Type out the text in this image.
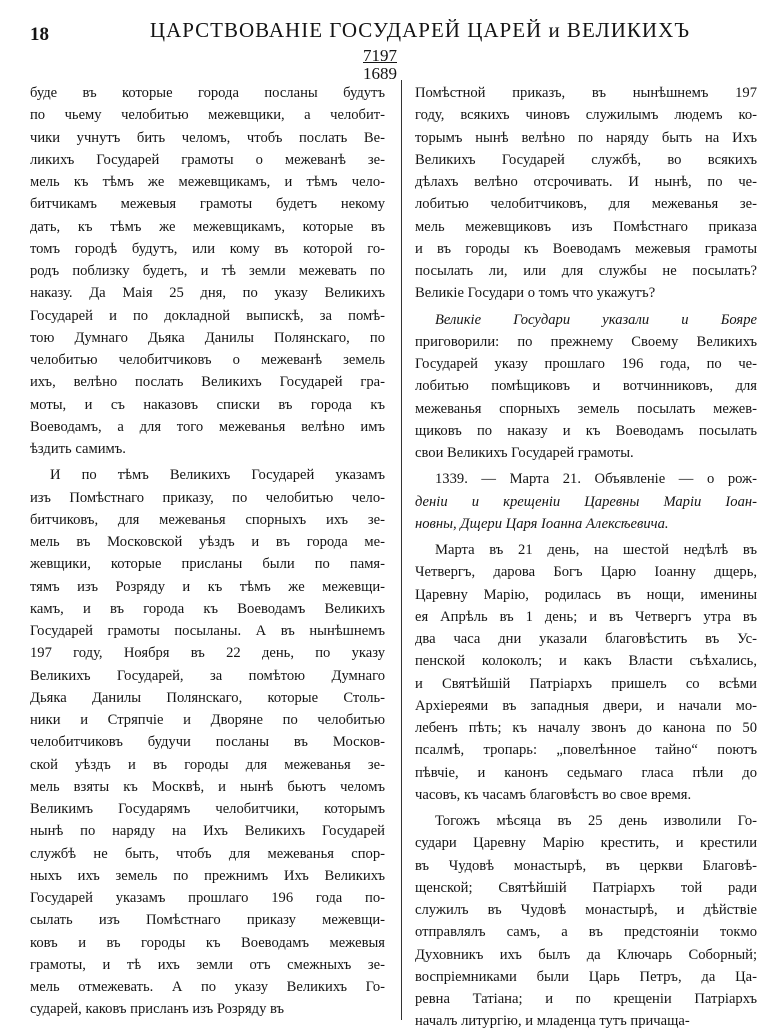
18	ЦАРСТВОВАНІЕ ГОСУДАРЕЙ ЦАРЕЙ и ВЕЛИКИХЪ
7197
1689
буде въ которые города посланы будутъ
по чьему челобитью межевщики, а челобит-
чики учнутъ бить челомъ, чтобъ послать Ве-
ликихъ Государей грамоты о межеванѣ зе-
мель къ тѣмъ же межевщикамъ, и тѣмъ чело-
битчикамъ межевыя грамоты будетъ некому
дать, къ тѣмъ же межевщикамъ, которые въ
томъ городѣ будутъ, или кому въ которой го-
родъ поблизку будетъ, и тѣ земли межевать по
наказу. Да Маія 25 дня, по указу Великихъ
Государей и по докладной выпискѣ, за помѣ-
тою Думнаго Дьяка Данилы Полянскаго, по
челобитью челобитчиковъ о межеванѣ земель
ихъ, велѣно послать Великихъ Государей гра-
моты, и съ наказовъ списки въ города къ
Воеводамъ, а для того межеванья велѣно имъ
ѣздить самимъ.
И по тѣмъ Великихъ Государей указамъ
изъ Помѣстнаго приказу, по челобитью чело-
битчиковъ, для межеванья спорныхъ ихъ зе-
мель въ Московской уѣздъ и въ города ме-
жевщики, которые присланы были по памя-
тямъ изъ Розряду и къ тѣмъ же межевщи-
камъ, и въ города къ Воеводамъ Великихъ
Государей грамоты посыланы. А въ нынѣшнемъ
197 году, Ноября въ 22 день, по указу
Великихъ Государей, за помѣтою Думнаго
Дьяка Данилы Полянскаго, которые Столь-
ники и Стряпчіе и Дворяне по челобитью
челобитчиковъ будучи посланы въ Москов-
ской уѣздъ и въ городы для межеванья зе-
мель взяты къ Москвѣ, и нынѣ бьютъ челомъ
Великимъ Государямъ челобитчики, которымъ
нынѣ по наряду на Ихъ Великихъ Государей
службѣ не быть, чтобъ для межеванья спор-
ныхъ ихъ земель по прежнимъ Ихъ Великихъ
Государей указамъ прошлаго 196 года по-
сылать изъ Помѣстнаго приказу межевщи-
ковъ и въ городы къ Воеводамъ межевыя
грамоты, и тѣ ихъ земли отъ смежныхъ зе-
мель отмежевать. А по указу Великихъ Го-
сударей, каковъ присланъ изъ Розряду въ
Помѣстной приказъ, въ нынѣшнемъ 197
году, всякихъ чиновъ служилымъ людемъ ко-
торымъ нынѣ велѣно по наряду быть на Ихъ
Великихъ Государей службѣ, во всякихъ
дѣлахъ велѣно отсрочивать. И нынѣ, по че-
лобитью челобитчиковъ, для межеванья зе-
мель межевщиковъ изъ Помѣстнаго приказа
и въ городы къ Воеводамъ межевыя грамоты
посылать ли, или для службы не посылать?
Великіе Государи о томъ что укажутъ?
Великіе Государи указали и Бояре
приговорили: по прежнему Своему Великихъ
Государей указу прошлаго 196 года, по че-
лобитью помѣщиковъ и вотчинниковъ, для
межеванья спорныхъ земель посылать межев-
щиковъ по наказу и къ Воеводамъ посылать
свои Великихъ Государей грамоты.
1339. — Марта 21. Объявленіе — о рож-
деніи и крещеніи Царевны Маріи Іоан-
новны, Дщери Царя Іоанна Алексѣевича.
Марта въ 21 день, на шестой недѣлѣ въ
Четвергъ, дарова Богъ Царю Іоанну дщерь,
Царевну Марію, родилась въ нощи, именины
ея Апрѣль въ 1 день; и въ Четвергъ утра въ
два часа дни указали благовѣстить въ Ус-
пенской колоколъ; и какъ Власти съѣхались,
и Святѣйшій Патріархъ пришелъ со всѣми
Архіереями въ западныя двери, и начали мо-
лебенъ пѣть; къ началу звонъ до канона по 50
псалмѣ, тропарь: „повелѣнное тайно“ поютъ
пѣвчіе, и канонъ седьмаго гласа пѣли до
часовъ, къ часамъ благовѣстъ во свое время.
Тогожъ мѣсяца въ 25 день изволили Го-
судари Царевну Марію крестить, и крестили
въ Чудовѣ монастырѣ, въ церкви Благовѣ-
щенской; Святѣйшій Патріархъ той ради
служилъ въ Чудовѣ монастырѣ, и дѣйствіе
отправлялъ самъ, а въ предстояніи токмо
Духовникъ ихъ былъ да Ключарь Соборный;
воспріемниками были Царь Петръ, да Ца-
ревна Татіана; и по крещеніи Патріархъ
началъ литургію, и младенца тутъ причаща-
